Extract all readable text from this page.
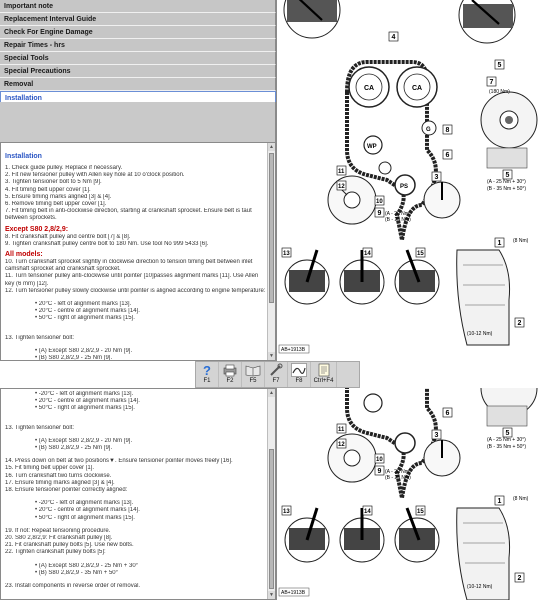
Important note
Replacement Interval Guide
Check For Engine Damage
Repair Times - hrs
Special Tools
Special Precautions
Removal
Installation
Installation
1. Check guide pulley. Replace if necessary.
2. Fit new tensioner pulley with Allen key hole at 10 o'clock position.
3. Tighten tensioner bolt to 5 Nm [9].
4. Fit timing belt upper cover [1].
5. Ensure timing marks aligned [3] & [4].
6. Remove timing belt upper cover [1].
7. Fit timing belt in anti-clockwise direction, starting at crankshaft sprocket. Ensure belt is taut
between sprockets.
Except S80 2,8/2,9:
8. Fit crankshaft pulley and centre bolt [7] & [8].
9. Tighten crankshaft pulley centre bolt to 180 Nm. Use tool No 999 5433 [6].
All models:
10. Turn crankshaft sprocket slightly in clockwise direction to tension timing belt between inlet
camshaft sprocket and crankshaft sprocket.
11. Turn tensioner pulley anti-clockwise until pointer [10]passes alignment marks [11]. Use Allen
key (6 mm) [12].
12. Turn tensioner pulley slowly clockwise until pointer is aligned according to engine temperature:
• 20°C - left of alignment marks [13].
• 20°C - centre of alignment marks [14].
• 50°C - right of alignment marks [15].
13. Tighten tensioner bolt:
• (A) Except S80 2,8/2,9 - 20 Nm [9].
• (B) S80 2,8/2,9 - 25 Nm [9].
▲
▼
?
F1	F2	F5	F7	F8 Ctrl+F4
• -20°C - left of alignment marks [13].
• 20°C - centre of alignment marks [14].
• 50°C - right of alignment marks [15].
13. Tighten tensioner bolt:
• (A) Except S80 2,8/2,9 - 20 Nm [9].
• (B) S80 2,8/2,9 - 25 Nm [9].
14. Press down on belt at two positions▼. Ensure tensioner pointer moves freely [16].
15. Fit timing belt upper cover [1].
16. Turn crankshaft two turns clockwise.
17. Ensure timing marks aligned [3] & [4].
18. Ensure tensioner pointer correctly aligned:
• -20°C - left of alignment marks [13].
• 20°C - centre of alignment marks [14].
• 50°C - right of alignment marks [15].
19. If not: Repeat tensioning procedure.
20. S80 2,8/2,9: Fit crankshaft pulley [8].
21. Fit crankshaft pulley bolts [5]. Use new bolts.
22. Tighten crankshaft pulley bolts [5]:
• (A) Except S80 2,8/2,9 - 25 Nm + 30°
• (B) S80 2,8/2,9 - 35 Nm + 50°
23. Install components in reverse order of removal.
▲
▼
CA	CA
WP
G
PS
4
5
7
(180 Nm)
8
6
3	5
(A - 25 Nm + 30°)
(B - 35 Nm + 50°)
11
12
10
9 (A - 20 Nm)
(B - 25 Nm)
13	14	15
1 (8 Nm)
2
(10-12 Nm)
AB+1913B
6
3	5
(A - 25 Nm + 30°)
(B - 35 Nm + 50°)
11
12
10
9 (A - 20 Nm)
(B - 25 Nm)
13	14	15
1 (8 Nm)
2
(10-12 Nm)
AB+1913B
